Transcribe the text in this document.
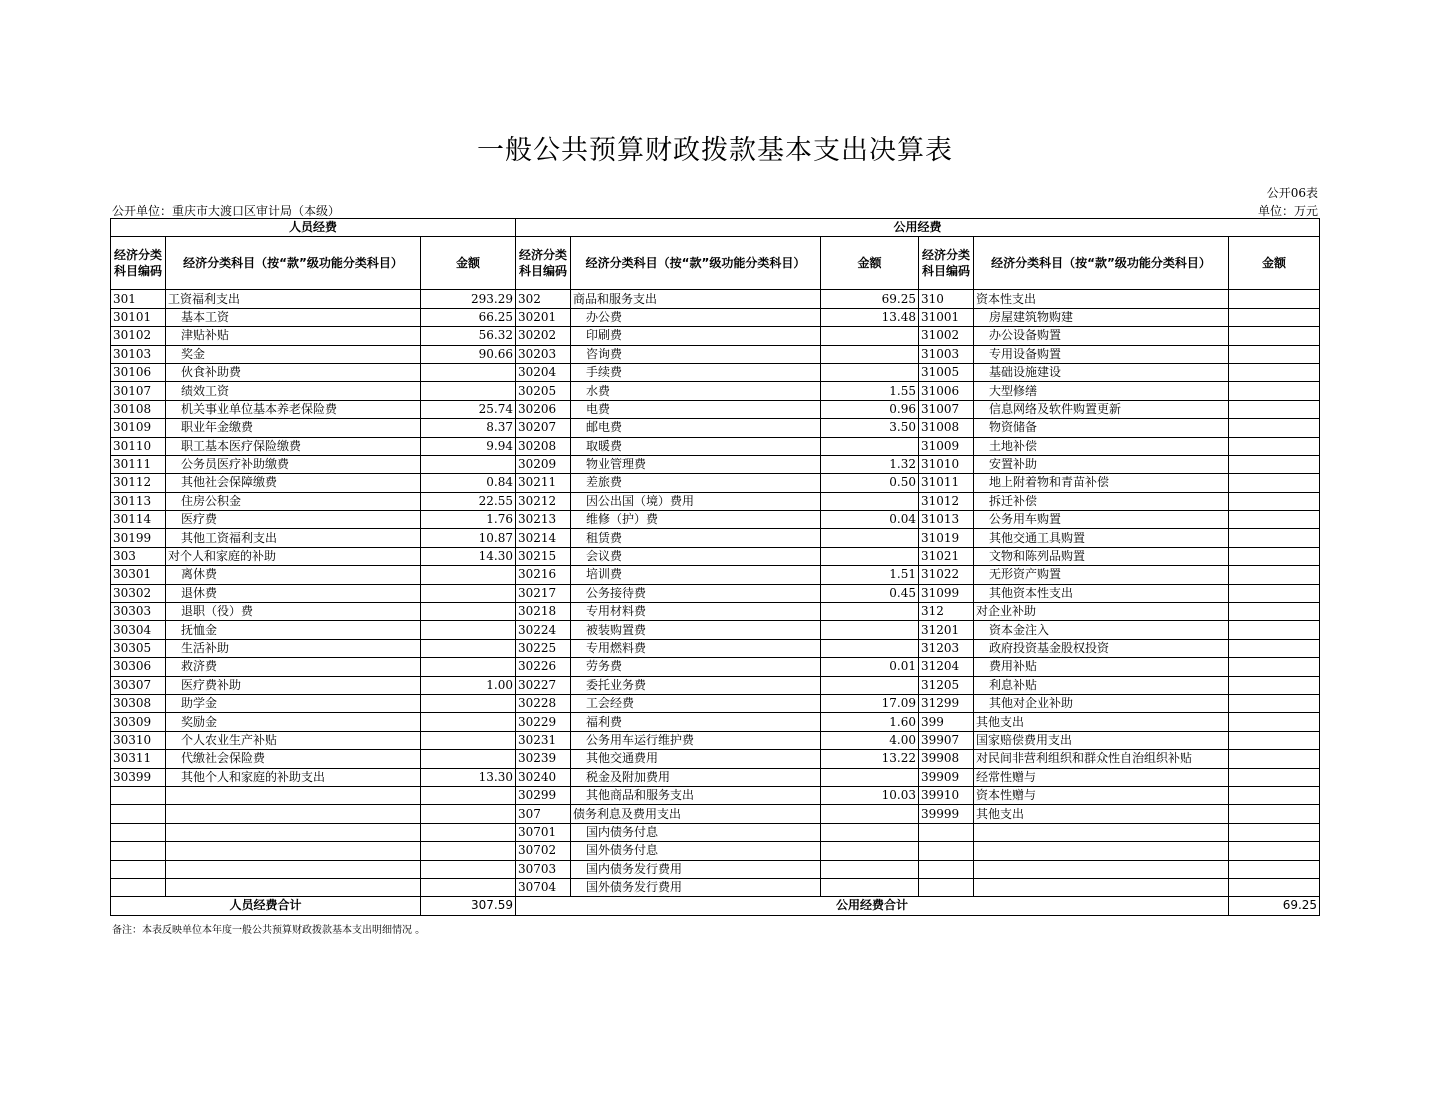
一般公共预算财政拨款基本支出决算表
公开06表
公开单位：重庆市大渡口区审计局（本级）	单位：万元
人员经费			公用经费					
经济分类科目编码	经济分类科目（按“款”级功能分类科目）	金额	经济分类科目编码	经济分类科目（按“款”级功能分类科目）	金额	经济分类科目编码	经济分类科目（按“款”级功能分类科目）	金额
301	工资福利支出	293.29	302	商品和服务支出	69.25	310	资本性支出	
30101	基本工资	66.25	30201	办公费	13.48	31001	房屋建筑物购建	
30102	津贴补贴	56.32	30202	印刷费		31002	办公设备购置	
30103	奖金	90.66	30203	咨询费		31003	专用设备购置	
30106	伙食补助费		30204	手续费		31005	基础设施建设	
30107	绩效工资		30205	水费	1.55	31006	大型修缮	
30108	机关事业单位基本养老保险费	25.74	30206	电费	0.96	31007	信息网络及软件购置更新	
30109	职业年金缴费	8.37	30207	邮电费	3.50	31008	物资储备	
30110	职工基本医疗保险缴费	9.94	30208	取暖费		31009	土地补偿	
30111	公务员医疗补助缴费		30209	物业管理费	1.32	31010	安置补助	
30112	其他社会保障缴费	0.84	30211	差旅费	0.50	31011	地上附着物和青苗补偿	
30113	住房公积金	22.55	30212	因公出国（境）费用		31012	拆迁补偿	
30114	医疗费	1.76	30213	维修（护）费	0.04	31013	公务用车购置	
30199	其他工资福利支出	10.87	30214	租赁费		31019	其他交通工具购置	
303	对个人和家庭的补助	14.30	30215	会议费		31021	文物和陈列品购置	
30301	离休费		30216	培训费	1.51	31022	无形资产购置	
30302	退休费		30217	公务接待费	0.45	31099	其他资本性支出	
30303	退职（役）费		30218	专用材料费		312	对企业补助	
30304	抚恤金		30224	被装购置费		31201	资本金注入	
30305	生活补助		30225	专用燃料费		31203	政府投资基金股权投资	
30306	救济费		30226	劳务费	0.01	31204	费用补贴	
30307	医疗费补助	1.00	30227	委托业务费		31205	利息补贴	
30308	助学金		30228	工会经费	17.09	31299	其他对企业补助	
30309	奖励金		30229	福利费	1.60	399	其他支出	
30310	个人农业生产补贴		30231	公务用车运行维护费	4.00	39907	国家赔偿费用支出	
30311	代缴社会保险费		30239	其他交通费用	13.22	39908	对民间非营利组织和群众性自治组织补贴	
30399	其他个人和家庭的补助支出	13.30	30240	税金及附加费用		39909	经常性赠与	
			30299	其他商品和服务支出	10.03	39910	资本性赠与	
			307	债务利息及费用支出		39999	其他支出	
			30701	国内债务付息				
			30702	国外债务付息				
			30703	国内债务发行费用				
			30704	国外债务发行费用				
人员经费合计		307.59	公用经费合计					69.25
备注：本表反映单位本年度一般公共预算财政拨款基本支出明细情况 。
